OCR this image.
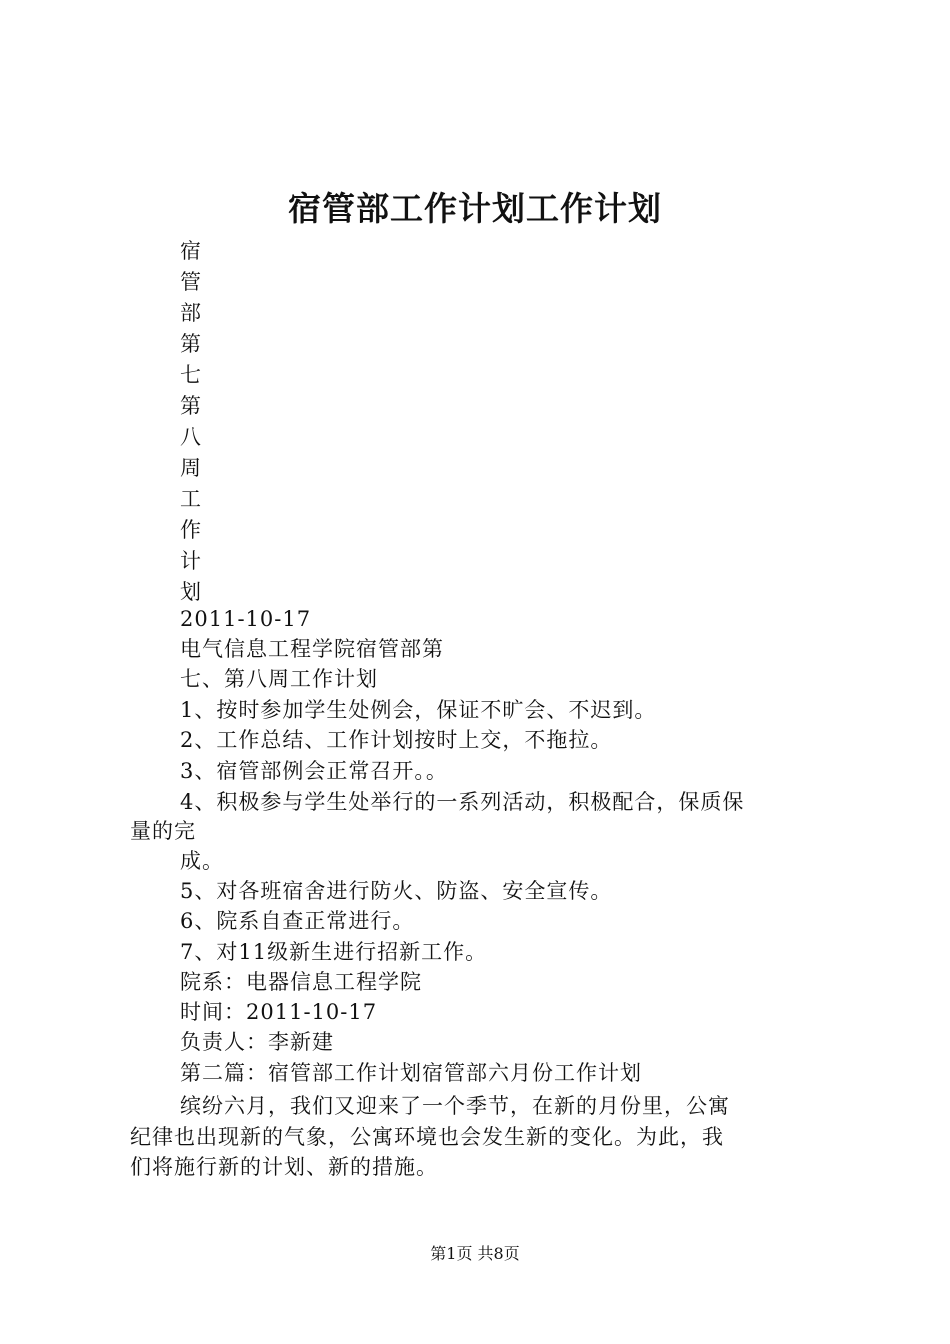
宿管部工作计划工作计划
宿
管
部
第
七
第
八
周
工
作
计
划
2011-10-17
电气信息工程学院宿管部第
七、第八周工作计划
1、按时参加学生处例会，保证不旷会、不迟到。
2、工作总结、工作计划按时上交，不拖拉。
3、宿管部例会正常召开。。
4、积极参与学生处举行的一系列活动，积极配合，保质保
量的完
成。
5、对各班宿舍进行防火、防盗、安全宣传。
6、院系自查正常进行。
7、对11级新生进行招新工作。
院系：电器信息工程学院
时间：2011-10-17
负责人：李新建
第二篇：宿管部工作计划宿管部六月份工作计划
缤纷六月，我们又迎来了一个季节，在新的月份里，公寓
纪律也出现新的气象，公寓环境也会发生新的变化。为此，我
们将施行新的计划、新的措施。
第1页 共8页
